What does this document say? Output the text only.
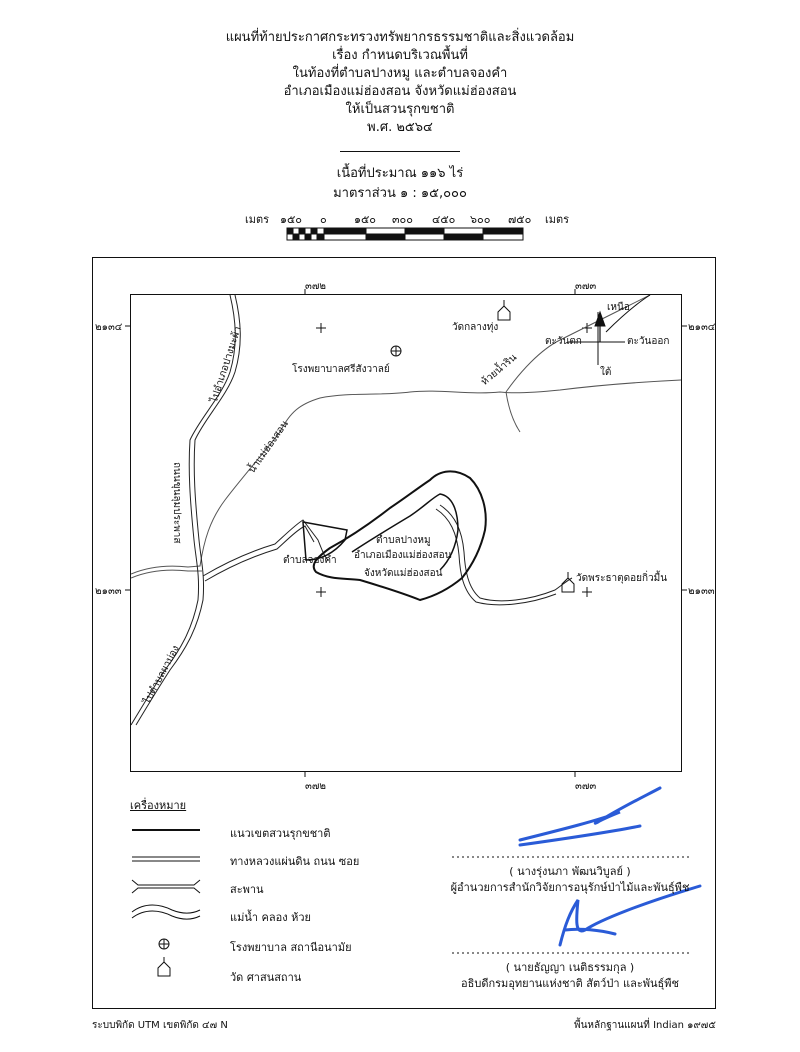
แผนที่ท้ายประกาศกระทรวงทรัพยากรธรรมชาติและสิ่งแวดล้อม
เรื่อง กำหนดบริเวณพื้นที่
ในท้องที่ตำบลปางหมู และตำบลจองคำ
อำเภอเมืองแม่ฮ่องสอน จังหวัดแม่ฮ่องสอน
ให้เป็นสวนรุกขชาติ
พ.ศ. ๒๕๖๔
เนื้อที่ประมาณ ๑๑๖ ไร่
มาตราส่วน ๑ : ๑๕,๐๐๐
เมตร ๑๕๐ ๐ ๑๕๐ ๓๐๐ ๔๕๐ ๖๐๐ ๗๕๐ เมตร
๓๗๒	๓๗๓
๓๗๒	๓๗๓
๒๑๓๔	๒๑๓๔
๒๑๓๓	๒๑๓๓
วัดกลางทุ่ง
โรงพยาบาลศรีสังวาลย์	ห้วยน้ำริน
น้ำแม่ฮ่องสอน
ไปอำเภอปางมะผ้า
ถนนขุนลุมประพาส
ไปตำบลผาบ่อง
ตำบลจองคำ
ตำบลปางหมู
อำเภอเมืองแม่ฮ่องสอน
จังหวัดแม่ฮ่องสอน	วัดพระธาตุดอยกิ่วมื้น
เหนือ
ใต้
ตะวันตก	ตะวันออก
เครื่องหมาย
แนวเขตสวนรุกขชาติ
ทางหลวงแผ่นดิน ถนน ซอย
สะพาน
แม่น้ำ คลอง ห้วย
โรงพยาบาล สถานีอนามัย
วัด ศาสนสถาน
( นางรุ่งนภา พัฒนวิบูลย์ )
ผู้อำนวยการสำนักวิจัยการอนุรักษ์ป่าไม้และพันธุ์พืช
( นายธัญญา เนติธรรมกุล )
อธิบดีกรมอุทยานแห่งชาติ สัตว์ป่า และพันธุ์พืช
ระบบพิกัด UTM เขตพิกัด ๔๗ N	พื้นหลักฐานแผนที่ Indian ๑๙๗๕
